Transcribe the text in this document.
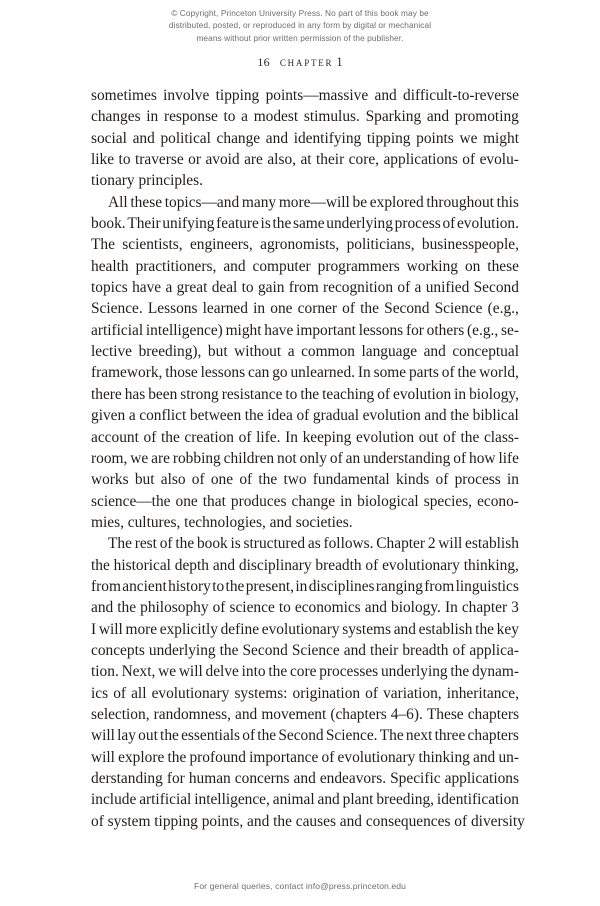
© Copyright, Princeton University Press. No part of this book may be
distributed, posted, or reproduced in any form by digital or mechanical
means without prior written permission of the publisher.
16 chapter 1

sometimes involve tipping points—massive and difficult-to-reverse
changes in response to a modest stimulus. Sparking and promoting
social and political change and identifying tipping points we might
like to traverse or avoid are also, at their core, applications of evolu-
tionary principles.

All these topics—and many more—will be explored throughout this
book. Their unifying feature is the same underlying process of evolution.
The scientists, engineers, agronomists, politicians, businesspeople,
health practitioners, and computer programmers working on these
topics have a great deal to gain from recognition of a unified Second
Science. Lessons learned in one corner of the Second Science (e.g.,
artificial intelligence) might have important lessons for others (e.g., se-
lective breeding), but without a common language and conceptual
framework, those lessons can go unlearned. In some parts of the world,
there has been strong resistance to the teaching of evolution in biology,
given a conflict between the idea of gradual evolution and the biblical
account of the creation of life. In keeping evolution out of the class-
room, we are robbing children not only of an understanding of how life
works but also of one of the two fundamental kinds of process in
science—the one that produces change in biological species, econo-
mies, cultures, technologies, and societies.

The rest of the book is structured as follows. Chapter 2 will establish
the historical depth and disciplinary breadth of evolutionary thinking,
from ancient history to the present, in disciplines ranging from linguistics
and the philosophy of science to economics and biology. In chapter 3
I will more explicitly define evolutionary systems and establish the key
concepts underlying the Second Science and their breadth of applica-
tion. Next, we will delve into the core processes underlying the dynam-
ics of all evolutionary systems: origination of variation, inheritance,
selection, randomness, and movement (chapters 4–6). These chapters
will lay out the essentials of the Second Science. The next three chapters
will explore the profound importance of evolutionary thinking and un-
derstanding for human concerns and endeavors. Specific applications
include artificial intelligence, animal and plant breeding, identification
of system tipping points, and the causes and consequences of diversity

For general queries, contact info@press.princeton.edu
